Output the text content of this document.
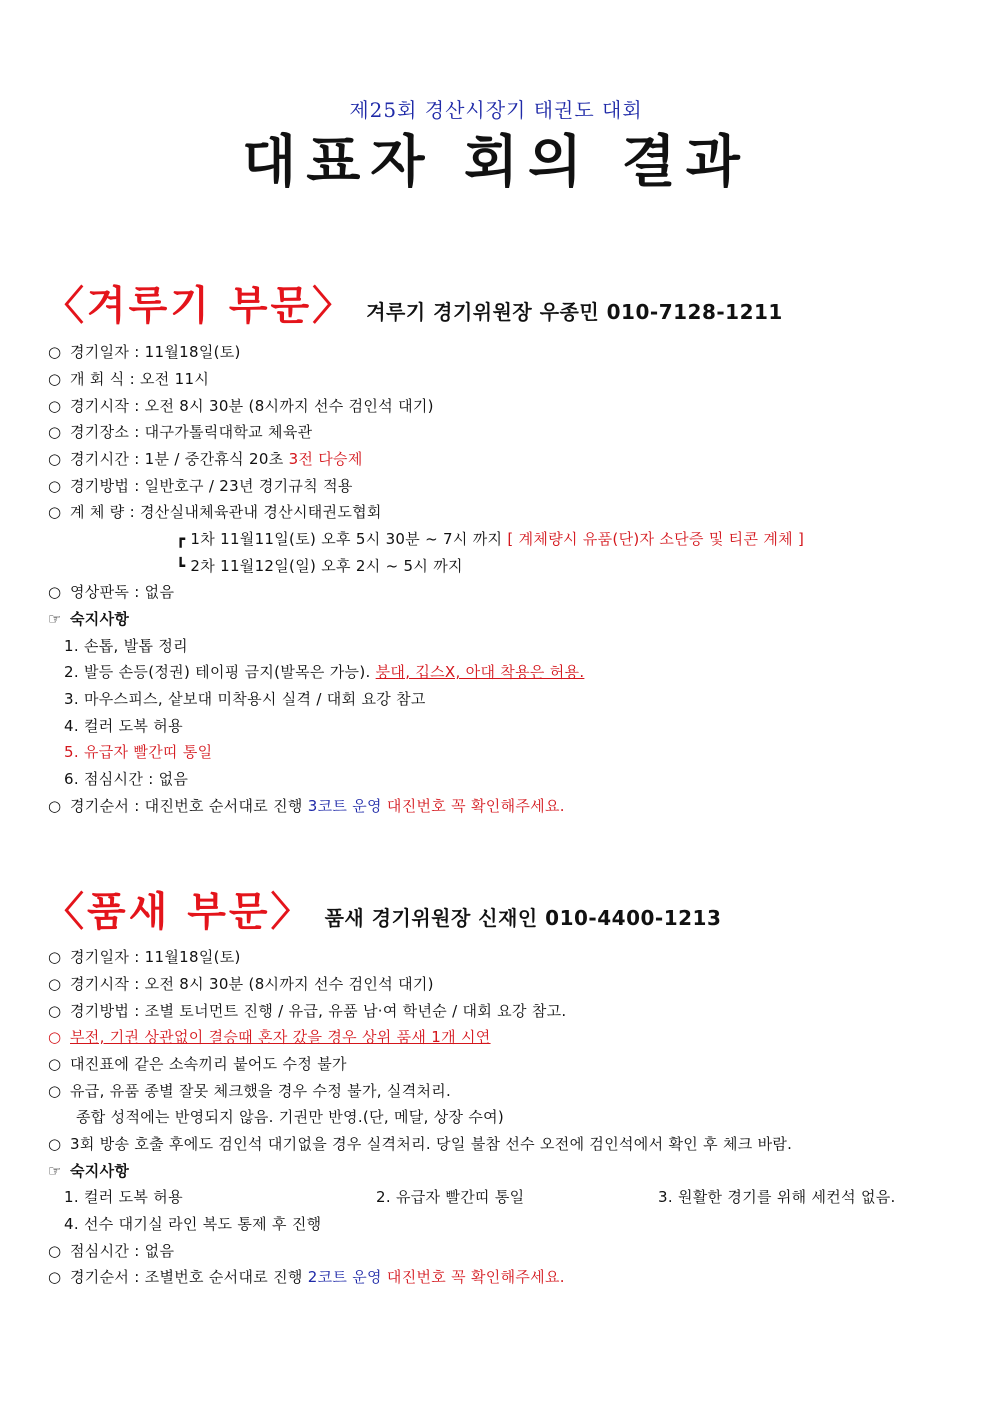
제25회 경산시장기 태권도 대회
대표자 회의 결과
〈겨루기 부문〉 겨루기 경기위원장 우종민 010-7128-1211
○ 경기일자 : 11월18일(토)
○ 개 회 식 : 오전 11시
○ 경기시작 : 오전 8시 30분 (8시까지 선수 검인석 대기)
○ 경기장소 : 대구가톨릭대학교 체육관
○ 경기시간 : 1분 / 중간휴식 20초 3전 다승제
○ 경기방법 : 일반호구 / 23년 경기규칙 적용
○ 계 체 량 : 경산실내체육관내 경산시태권도협회
┏ 1차 11월11일(토) 오후 5시 30분 ~ 7시 까지 [ 계체량시 유품(단)자 소단증 및 티콘 계체 ]
┗ 2차 11월12일(일) 오후 2시 ~ 5시 까지
○ 영상판독 : 없음
☞ 숙지사항
1. 손톱, 발톱 정리
2. 발등 손등(정권) 테이핑 금지(발목은 가능). 붕대, 깁스X, 아대 착용은 허용.
3. 마우스피스, 샅보대 미착용시 실격 / 대회 요강 참고
4. 컬러 도복 허용
5. 유급자 빨간띠 통일
6. 점심시간 : 없음
○ 경기순서 : 대진번호 순서대로 진행 3코트 운영 대진번호 꼭 확인해주세요.
〈품새 부문〉 품새 경기위원장 신재인 010-4400-1213
○ 경기일자 : 11월18일(토)
○ 경기시작 : 오전 8시 30분 (8시까지 선수 검인석 대기)
○ 경기방법 : 조별 토너먼트 진행 / 유급, 유품 남·여 학년순 / 대회 요강 참고.
○ 부전, 기권 상관없이 결승때 혼자 갔을 경우 상위 품새 1개 시연
○ 대진표에 같은 소속끼리 붙어도 수정 불가
○ 유급, 유품 종별 잘못 체크했을 경우 수정 불가, 실격처리.
종합 성적에는 반영되지 않음. 기권만 반영.(단, 메달, 상장 수여)
○ 3회 방송 호출 후에도 검인석 대기없을 경우 실격처리. 당일 불참 선수 오전에 검인석에서 확인 후 체크 바람.
☞ 숙지사항
1. 컬러 도복 허용	2. 유급자 빨간띠 통일	3. 원활한 경기를 위해 세컨석 없음.
4. 선수 대기실 라인 복도 통제 후 진행
○ 점심시간 : 없음
○ 경기순서 : 조별번호 순서대로 진행 2코트 운영 대진번호 꼭 확인해주세요.
